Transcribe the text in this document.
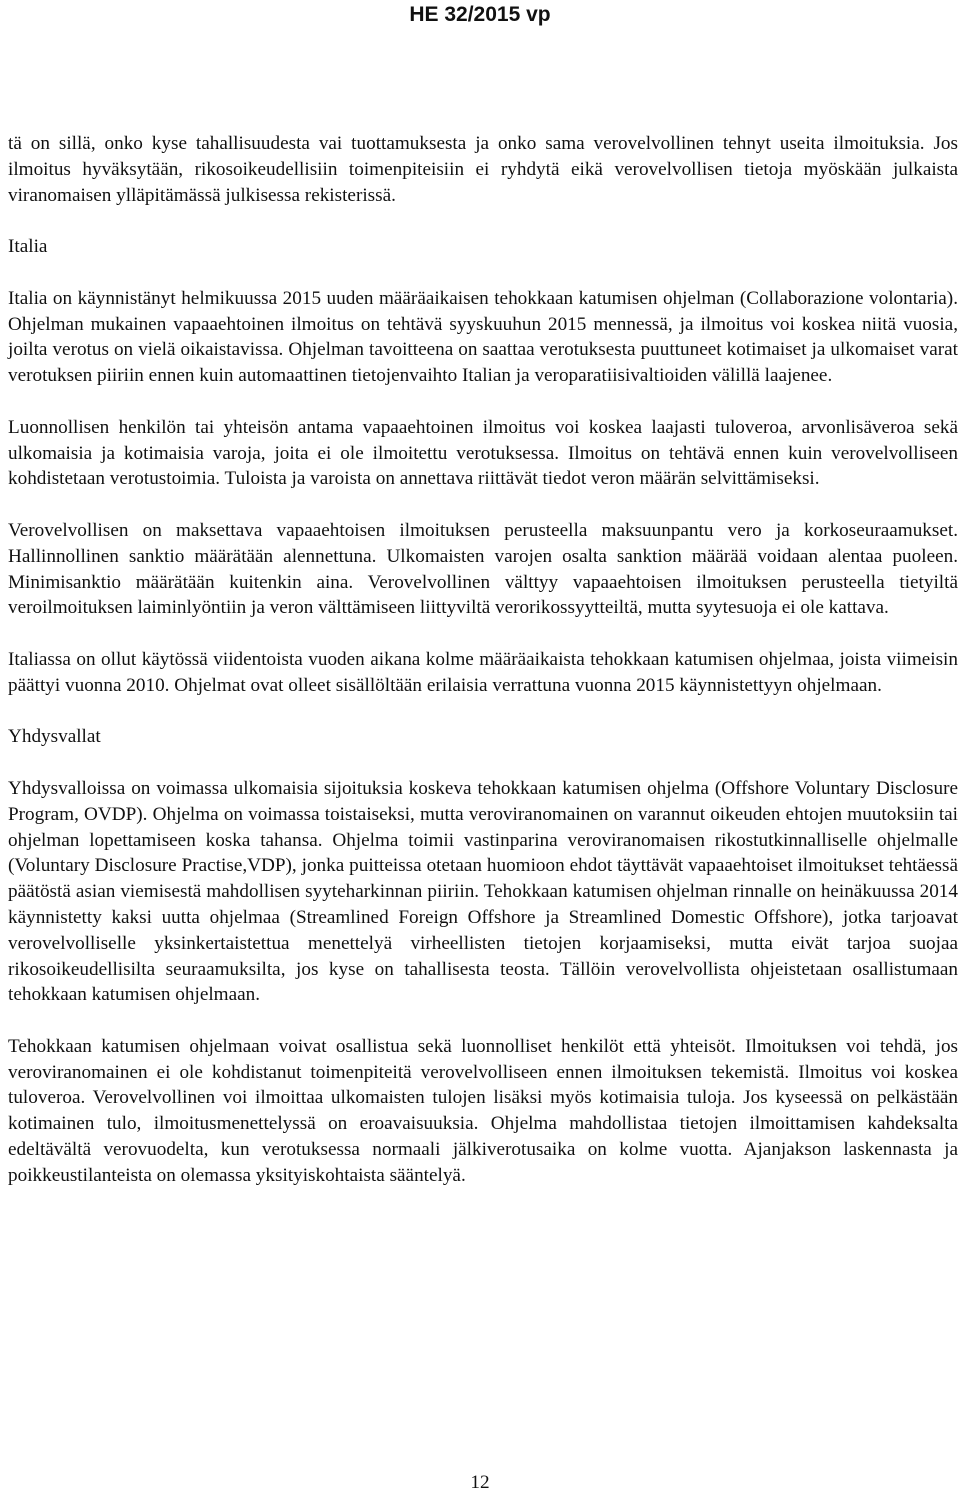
HE 32/2015 vp

tä on sillä, onko kyse tahallisuudesta vai tuottamuksesta ja onko sama verovelvollinen tehnyt useita ilmoituksia. Jos ilmoitus hyväksytään, rikosoikeudellisiin toimenpiteisiin ei ryhdytä eikä verovelvollisen tietoja myöskään julkaista viranomaisen ylläpitämässä julkisessa rekisterissä.

Italia

Italia on käynnistänyt helmikuussa 2015 uuden määräaikaisen tehokkaan katumisen ohjelman (Collaborazione volontaria). Ohjelman mukainen vapaaehtoinen ilmoitus on tehtävä syyskuuhun 2015 mennessä, ja ilmoitus voi koskea niitä vuosia, joilta verotus on vielä oikaistavissa. Ohjelman tavoitteena on saattaa verotuksesta puuttuneet kotimaiset ja ulkomaiset varat verotuksen piiriin ennen kuin automaattinen tietojenvaihto Italian ja veroparatiisivaltioiden välillä laajenee.

Luonnollisen henkilön tai yhteisön antama vapaaehtoinen ilmoitus voi koskea laajasti tuloveroa, arvonlisäveroa sekä ulkomaisia ja kotimaisia varoja, joita ei ole ilmoitettu verotuksessa. Ilmoitus on tehtävä ennen kuin verovelvolliseen kohdistetaan verotustoimia. Tuloista ja varoista on annettava riittävät tiedot veron määrän selvittämiseksi.

Verovelvollisen on maksettava vapaaehtoisen ilmoituksen perusteella maksuunpantu vero ja korkoseuraamukset. Hallinnollinen sanktio määrätään alennettuna. Ulkomaisten varojen osalta sanktion määrää voidaan alentaa puoleen. Minimisanktio määrätään kuitenkin aina. Verovelvollinen välttyy vapaaehtoisen ilmoituksen perusteella tietyiltä veroilmoituksen laiminlyöntiin ja veron välttämiseen liittyviltä verorikossyytteiltä, mutta syytesuoja ei ole kattava.

Italiassa on ollut käytössä viidentoista vuoden aikana kolme määräaikaista tehokkaan katumisen ohjelmaa, joista viimeisin päättyi vuonna 2010. Ohjelmat ovat olleet sisällöltään erilaisia verrattuna vuonna 2015 käynnistettyyn ohjelmaan.

Yhdysvallat

Yhdysvalloissa on voimassa ulkomaisia sijoituksia koskeva tehokkaan katumisen ohjelma (Offshore Voluntary Disclosure Program, OVDP). Ohjelma on voimassa toistaiseksi, mutta veroviranomainen on varannut oikeuden ehtojen muutoksiin tai ohjelman lopettamiseen koska tahansa. Ohjelma toimii vastinparina veroviranomaisen rikostutkinnalliselle ohjelmalle (Voluntary Disclosure Practise,VDP), jonka puitteissa otetaan huomioon ehdot täyttävät vapaaehtoiset ilmoitukset tehtäessä päätöstä asian viemisestä mahdollisen syyteharkinnan piiriin. Tehokkaan katumisen ohjelman rinnalle on heinäkuussa 2014 käynnistetty kaksi uutta ohjelmaa (Streamlined Foreign Offshore ja Streamlined Domestic Offshore), jotka tarjoavat verovelvolliselle yksinkertaistettua menettelyä virheellisten tietojen korjaamiseksi, mutta eivät tarjoa suojaa rikosoikeudellisilta seuraamuksilta, jos kyse on tahallisesta teosta. Tällöin verovelvollista ohjeistetaan osallistumaan tehokkaan katumisen ohjelmaan.

Tehokkaan katumisen ohjelmaan voivat osallistua sekä luonnolliset henkilöt että yhteisöt. Ilmoituksen voi tehdä, jos veroviranomainen ei ole kohdistanut toimenpiteitä verovelvolliseen ennen ilmoituksen tekemistä. Ilmoitus voi koskea tuloveroa. Verovelvollinen voi ilmoittaa ulkomaisten tulojen lisäksi myös kotimaisia tuloja. Jos kyseessä on pelkästään kotimainen tulo, ilmoitusmenettelyssä on eroavaisuuksia. Ohjelma mahdollistaa tietojen ilmoittamisen kahdeksalta edeltävältä verovuodelta, kun verotuksessa normaali jälkiverotusaika on kolme vuotta. Ajanjakson laskennasta ja poikkeustilanteista on olemassa yksityiskohtaista sääntelyä.

12
